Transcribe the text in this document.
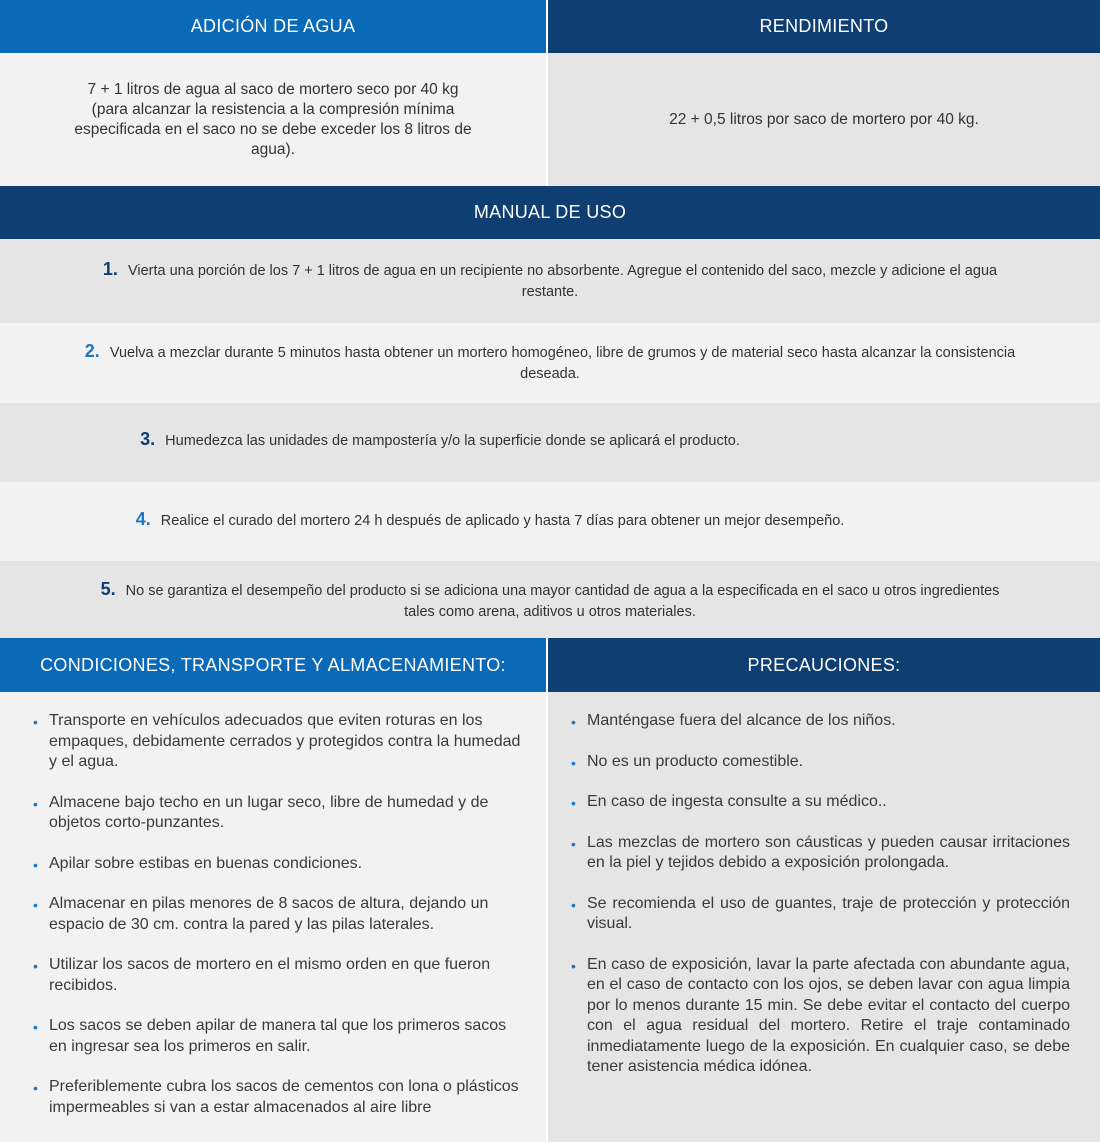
ADICIÓN DE AGUA	RENDIMIENTO
7 + 1 litros de agua al saco de mortero seco por 40 kg (para alcanzar la resistencia a la compresión mínima especificada en el saco no se debe exceder los 8 litros de agua).
22 + 0,5 litros por saco de mortero por 40 kg.
MANUAL DE USO
1. Vierta una porción de los 7 + 1 litros de agua en un recipiente no absorbente. Agregue el contenido del saco, mezcle y adicione el agua restante.
2. Vuelva a mezclar durante 5 minutos hasta obtener un mortero homogéneo, libre de grumos y de material seco hasta alcanzar la consistencia deseada.
3. Humedezca las unidades de mampostería y/o la superficie donde se aplicará el producto.
4. Realice el curado del mortero 24 h después de aplicado y hasta 7 días para obtener un mejor desempeño.
5. No se garantiza el desempeño del producto si se adiciona una mayor cantidad de agua a la especificada en el saco u otros ingredientes tales como arena, aditivos u otros materiales.
CONDICIONES, TRANSPORTE Y ALMACENAMIENTO:	PRECAUCIONES:
• Transporte en vehículos adecuados que eviten roturas en los empaques, debidamente cerrados y protegidos contra la humedad y el agua.
• Almacene bajo techo en un lugar seco, libre de humedad y de objetos corto-punzantes.
• Apilar sobre estibas en buenas condiciones.
• Almacenar en pilas menores de 8 sacos de altura, dejando un espacio de 30 cm. contra la pared y las pilas laterales.
• Utilizar los sacos de mortero en el mismo orden en que fueron recibidos.
• Los sacos se deben apilar de manera tal que los primeros sacos en ingresar sea los primeros en salir.
• Preferiblemente cubra los sacos de cementos con lona o plásticos impermeables si van a estar almacenados al aire libre
• Manténgase fuera del alcance de los niños.
• No es un producto comestible.
• En caso de ingesta consulte a su médico..
• Las mezclas de mortero son cáusticas y pueden causar irritaciones en la piel y tejidos debido a exposición prolongada.
• Se recomienda el uso de guantes, traje de protección y protección visual.
• En caso de exposición, lavar la parte afectada con abundante agua, en el caso de contacto con los ojos, se deben lavar con agua limpia por lo menos durante 15 min. Se debe evitar el contacto del cuerpo con el agua residual del mortero. Retire el traje contaminado inmediatamente luego de la exposición. En cualquier caso, se debe tener asistencia médica idónea.
